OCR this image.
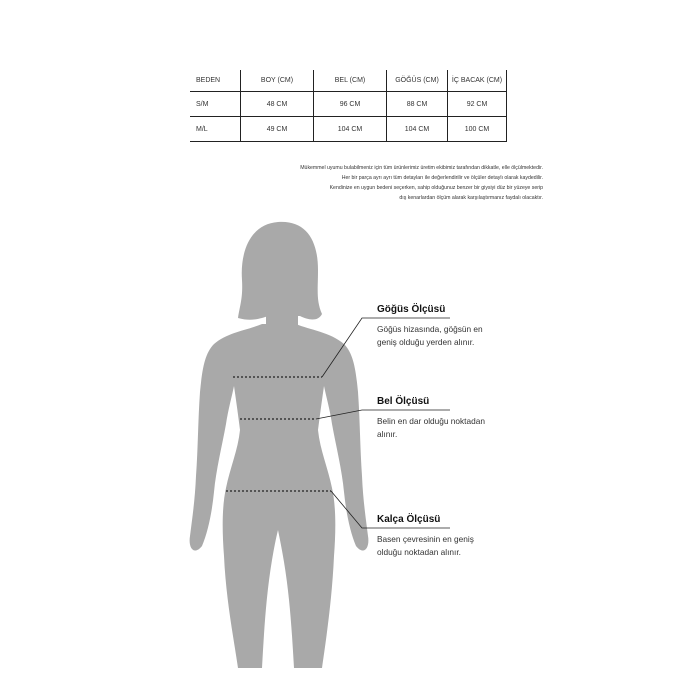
BEDEN	BOY (CM)	BEL (CM)	GÖĞÜS (CM)	İÇ BACAK (CM)
S/M	48 CM	96 CM	88 CM	92 CM
M/L	49 CM	104 CM	104 CM	100 CM
Mükemmel uyumu bulabilmeniz için tüm ürünlerimiz üretim ekibimiz tarafından dikkatle, elle ölçülmektedir.
Her bir parça ayrı ayrı tüm detayları ile değerlendirilir ve ölçüler detaylı olarak kaydedilir.
Kendinize en uygun bedeni seçerken, sahip olduğunuz benzer bir giysiyi düz bir yüzeye serip
dış kenarlardan ölçüm alarak karşılaştırmanız faydalı olacaktır.
Göğüs Ölçüsü
Göğüs hizasında, göğsün en
geniş olduğu yerden alınır.
Bel Ölçüsü
Belin en dar olduğu noktadan
alınır.
Kalça Ölçüsü
Basen çevresinin en geniş
olduğu noktadan alınır.
